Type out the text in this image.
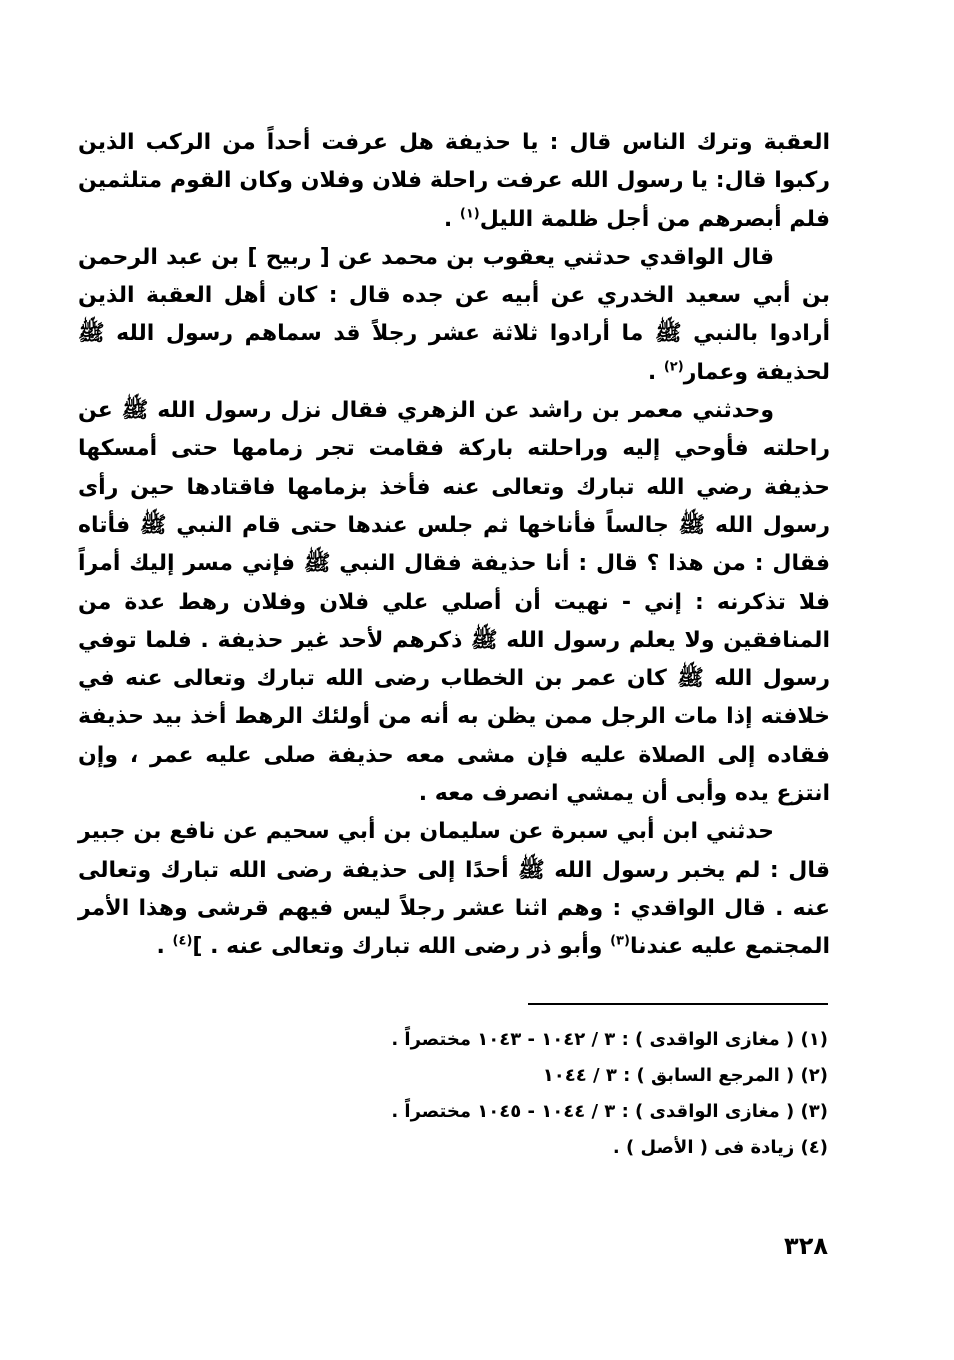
العقبة وترك الناس قال : يا حذيفة هل عرفت أحداً من الركب الذين ركبوا قال: يا رسول الله عرفت راحلة فلان وفلان وكان القوم متلثمين فلم أبصرهم من أجل ظلمة الليل$^{(١)}$ .

قال الواقدي حدثني يعقوب بن محمد عن [ ربيح ] بن عبد الرحمن بن أبي سعيد الخدري عن أبيه عن جده قال : كان أهل العقبة الذين أرادوا بالنبي ﷺ ما أرادوا ثلاثة عشر رجلاً قد سماهم رسول الله ﷺ لحذيفة وعمار$^{(٢)}$ .

وحدثني معمر بن راشد عن الزهري فقال نزل رسول الله ﷺ عن راحلته فأوحي إليه وراحلته باركة فقامت تجر زمامها حتى أمسكها حذيفة رضي الله تبارك وتعالى عنه فأخذ بزمامها فاقتادها حين رأى رسول الله ﷺ جالساً فأناخها ثم جلس عندها حتى قام النبي ﷺ فأتاه فقال : من هذا ؟ قال : أنا حذيفة فقال النبي ﷺ فإني مسر إليك أمراً فلا تذكرنه : إني - نهيت أن أصلي علي فلان وفلان رهط عدة من المنافقين ولا يعلم رسول الله ﷺ ذكرهم لأحد غير حذيفة . فلما توفي رسول الله ﷺ كان عمر بن الخطاب رضى الله تبارك وتعالى عنه في خلافته إذا مات الرجل ممن يظن به أنه من أولئك الرهط أخذ بيد حذيفة فقاده إلى الصلاة عليه فإن مشى معه حذيفة صلى عليه عمر ، وإن انتزع يده وأبى أن يمشي انصرف معه .

حدثني ابن أبي سبرة عن سليمان بن أبي سحيم عن نافع بن جبير قال : لم يخبر رسول الله ﷺ أحدًا إلى حذيفة رضى الله تبارك وتعالى عنه . قال الواقدي : وهم اثنا عشر رجلاً ليس فيهم قرشى وهذا الأمر المجتمع عليه عندنا$^{(٣)}$ وأبو ذر رضى الله تبارك وتعالى عنه . ]$^{(٤)}$ .

(١) ( مغازى الواقدى ) : ٣ / ١٠٤٢ - ١٠٤٣ مختصراً .

(٢) ( المرجع السابق ) : ٣ / ١٠٤٤

(٣) ( مغازى الواقدى ) : ٣ / ١٠٤٤ - ١٠٤٥ مختصراً .

(٤) زيادة فى ( الأصل ) .

٣٢٨
